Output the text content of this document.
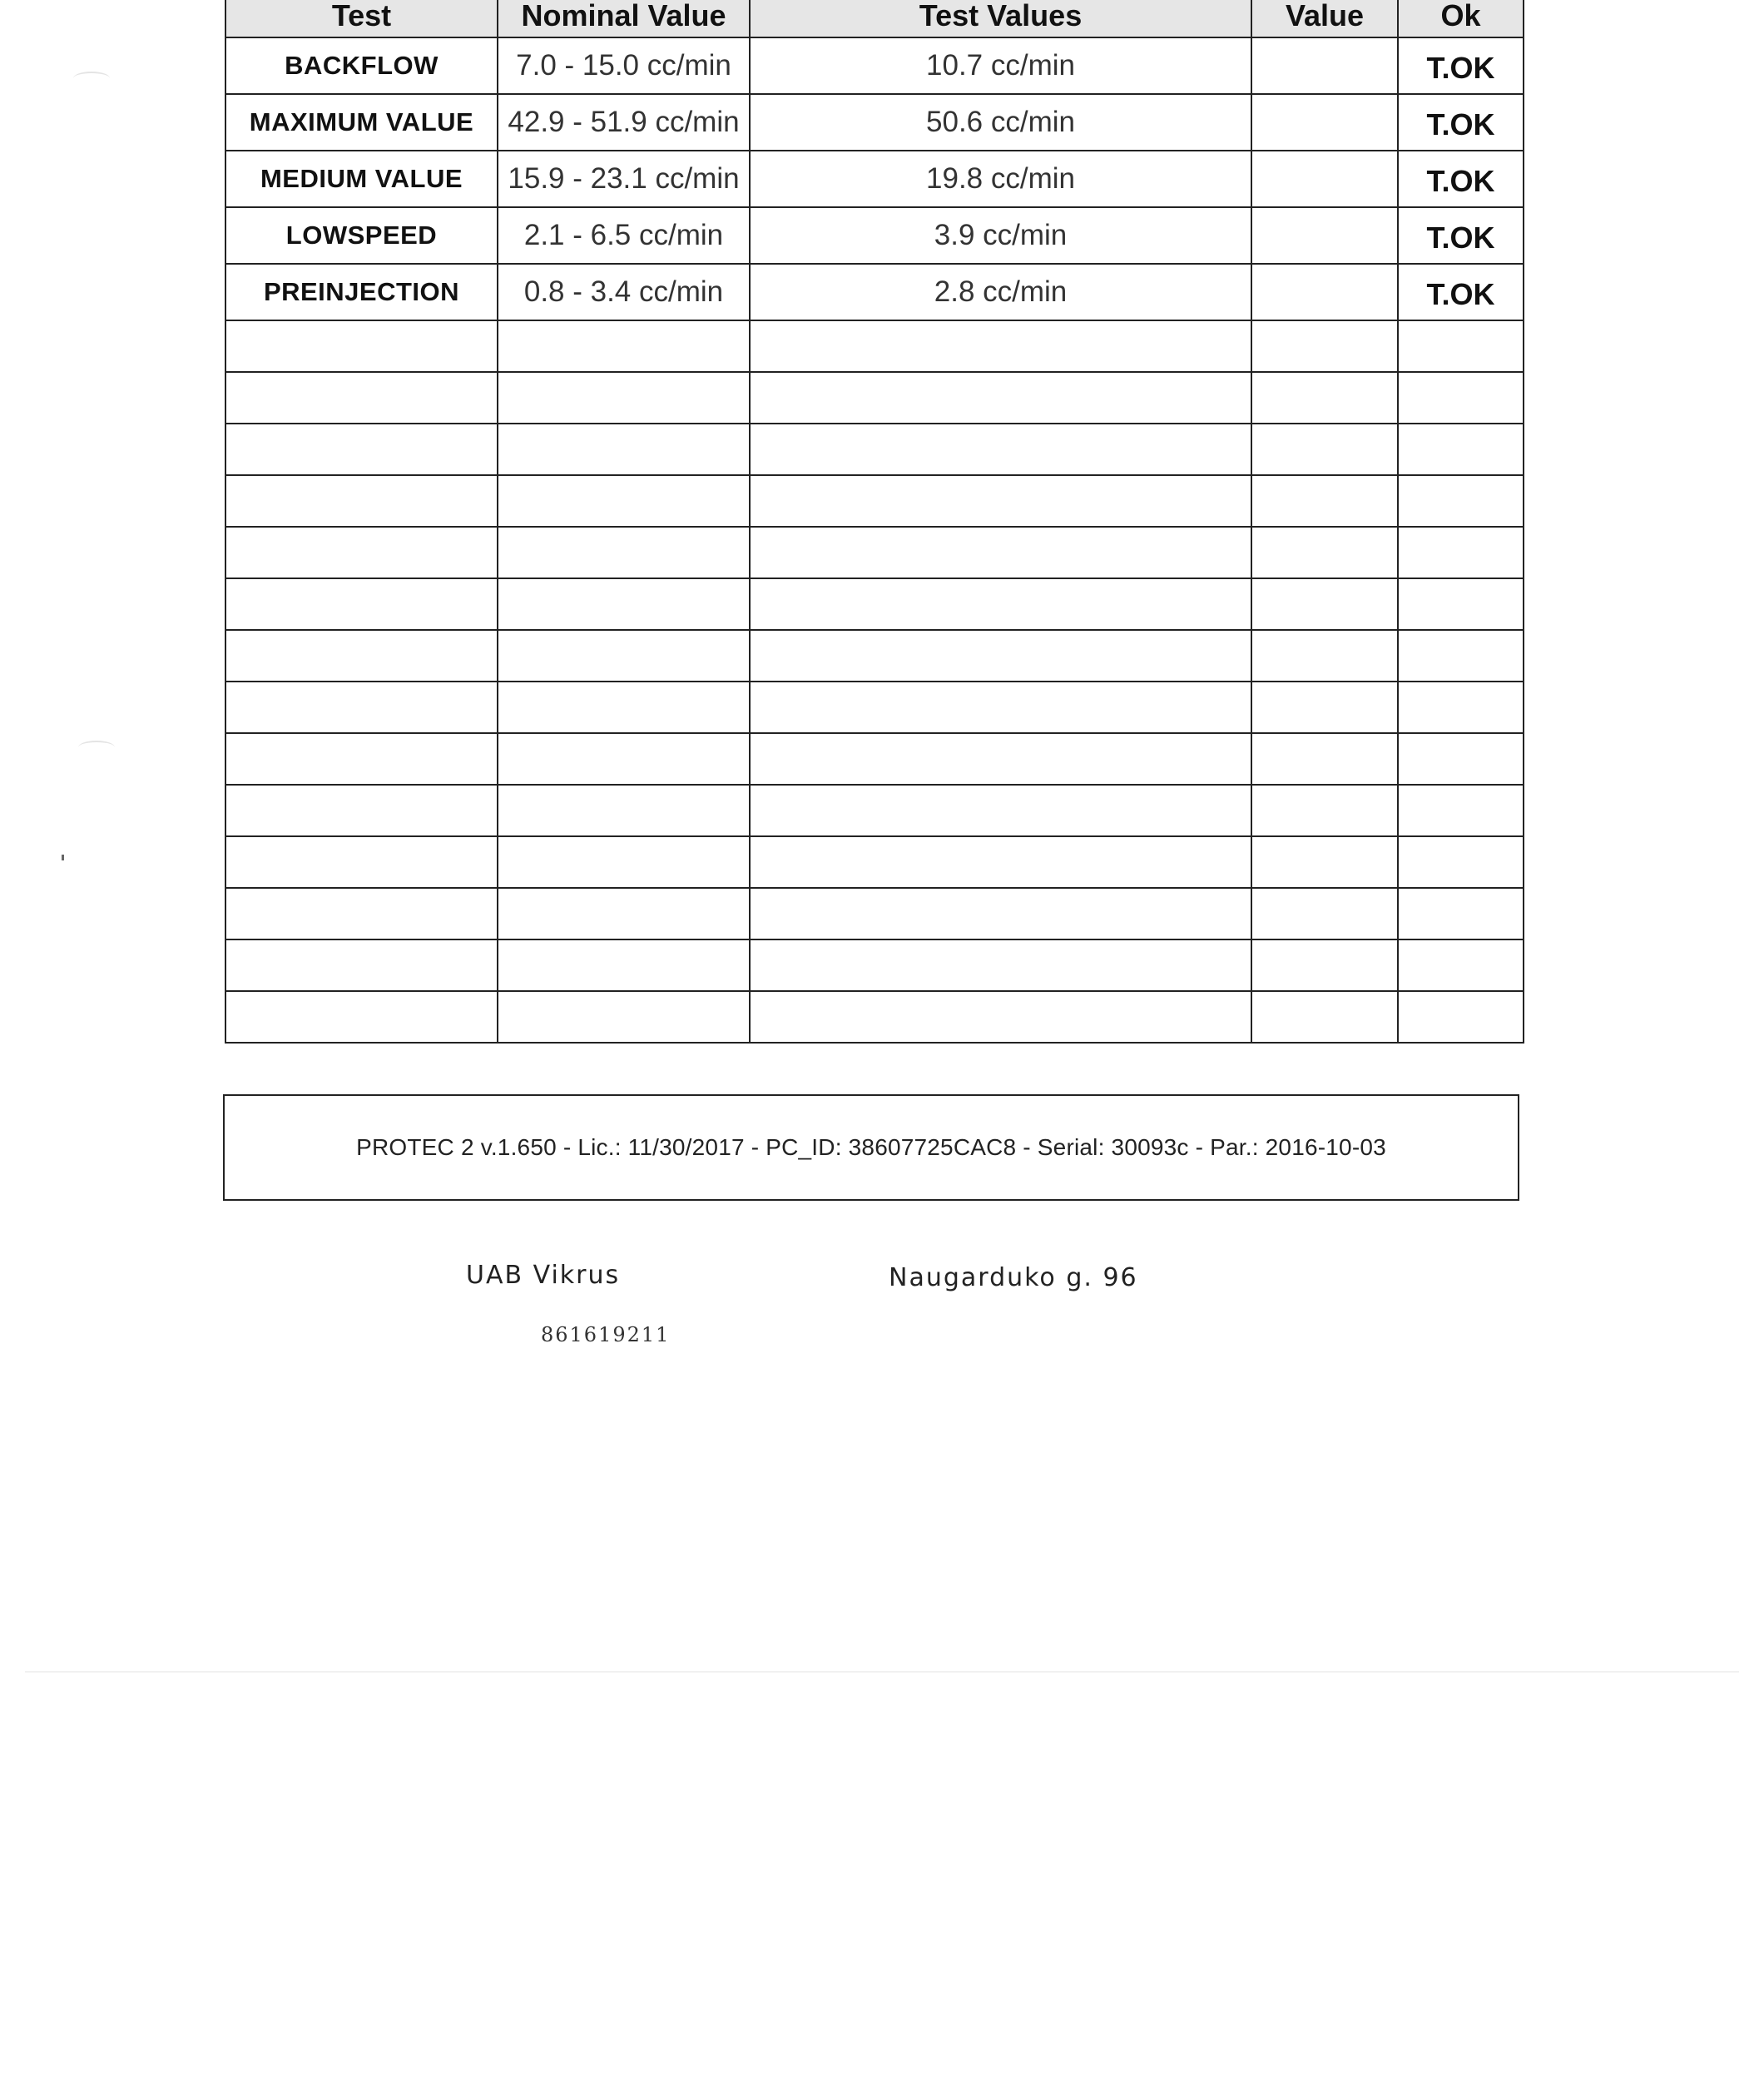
Test	Nominal Value	Test Values	Value	Ok
BACKFLOW	7.0 - 15.0 cc/min	10.7 cc/min		T.OK
MAXIMUM VALUE	42.9 - 51.9 cc/min	50.6 cc/min		T.OK
MEDIUM VALUE	15.9 - 23.1 cc/min	19.8 cc/min		T.OK
LOWSPEED	2.1 - 6.5 cc/min	3.9 cc/min		T.OK
PREINJECTION	0.8 - 3.4 cc/min	2.8 cc/min		T.OK

PROTEC 2 v.1.650 - Lic.: 11/30/2017 - PC_ID: 38607725CAC8 - Serial: 30093c - Par.: 2016-10-03
UAB Vikrus	Naugarduko g. 96
861619211
